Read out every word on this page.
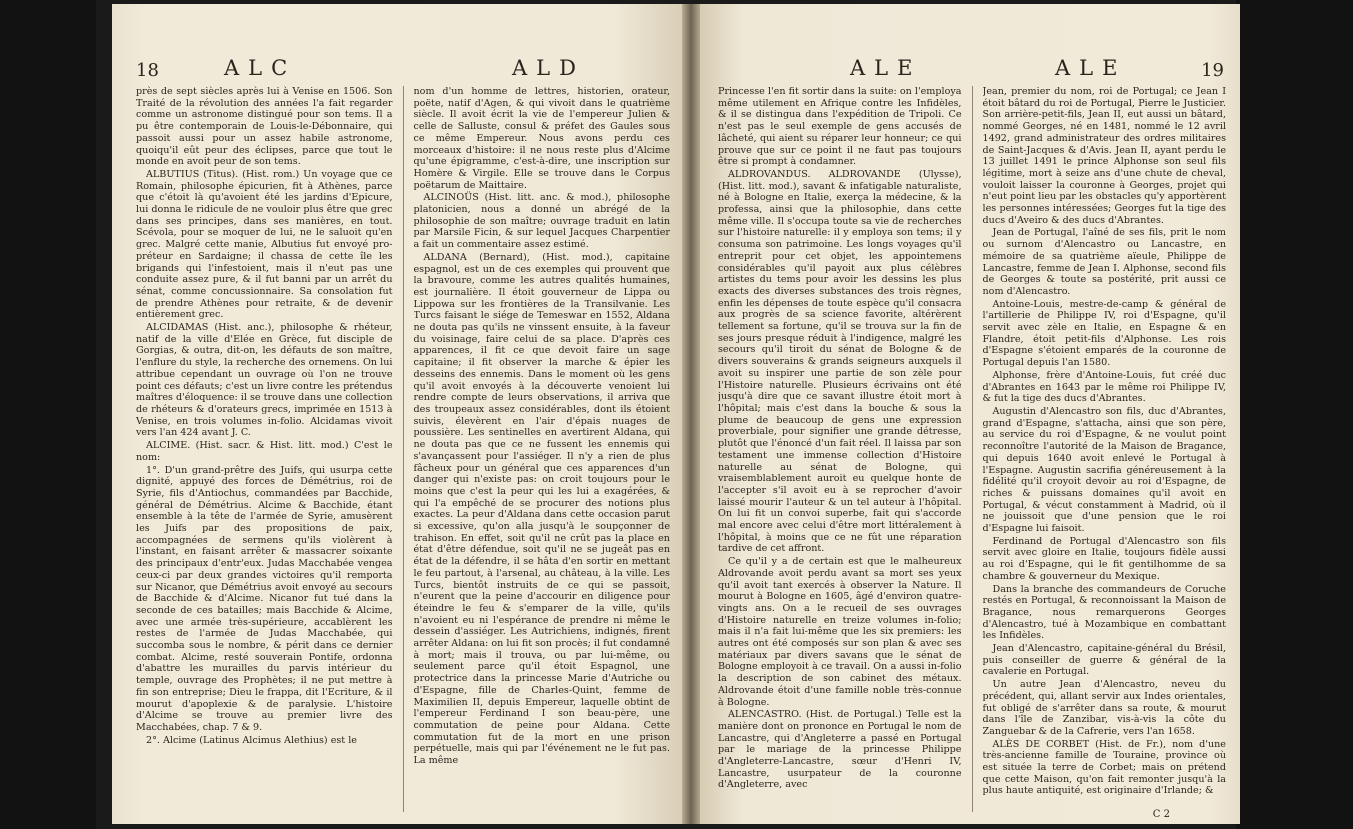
18	ALC	ALD

près de sept siècles après lui à Venise en 1506. Son Traité de la révolution des années l'a fait regarder comme un astronome distingué pour son tems. Il a pu être contemporain de Louis-le-Débonnaire, qui passoit aussi pour un assez habile astronome, quoiqu'il eût peur des éclipses, parce que tout le monde en avoit peur de son tems.

ALBUTIUS (Titus). (Hist. rom.) Un voyage que ce Romain, philosophe épicurien, fit à Athènes, parce que c'étoit là qu'avoient été les jardins d'Epicure, lui donna le ridicule de ne vouloir plus être que grec dans ses principes, dans ses manières, en tout. Scévola, pour se moquer de lui, ne le saluoit qu'en grec. Malgré cette manie, Albutius fut envoyé pro-préteur en Sardaigne; il chassa de cette île les brigands qui l'infestoient, mais il n'eut pas une conduite assez pure, & il fut banni par un arrêt du sénat, comme concussionnaire. Sa consolation fut de prendre Athènes pour retraite, & de devenir entièrement grec.

ALCIDAMAS (Hist. anc.), philosophe & rhéteur, natif de la ville d'Elée en Grèce, fut disciple de Gorgias, & outra, dit-on, les défauts de son maître, l'enflure du style, la recherche des ornemens. On lui attribue cependant un ouvrage où l'on ne trouve point ces défauts; c'est un livre contre les prétendus maîtres d'éloquence: il se trouve dans une collection de rhéteurs & d'orateurs grecs, imprimée en 1513 à Venise, en trois volumes in-folio. Alcidamas vivoit vers l'an 424 avant J. C.

ALCIME. (Hist. sacr. & Hist. litt. mod.) C'est le nom:

1°. D'un grand-prêtre des Juifs, qui usurpa cette dignité, appuyé des forces de Démétrius, roi de Syrie, fils d'Antiochus, commandées par Bacchide, général de Démétrius. Alcime & Bacchide, étant ensemble à la tête de l'armée de Syrie, amusèrent les Juifs par des propositions de paix, accompagnées de sermens qu'ils violèrent à l'instant, en faisant arrêter & massacrer soixante des principaux d'entr'eux. Judas Macchabée vengea ceux-ci par deux grandes victoires qu'il remporta sur Nicanor, que Démétrius avoit envoyé au secours de Bacchide & d'Alcime. Nicanor fut tué dans la seconde de ces batailles; mais Bacchide & Alcime, avec une armée très-supérieure, accablèrent les restes de l'armée de Judas Macchabée, qui succomba sous le nombre, & périt dans ce dernier combat. Alcime, resté souverain Pontife, ordonna d'abattre les murailles du parvis intérieur du temple, ouvrage des Prophètes; il ne put mettre à fin son entreprise; Dieu le frappa, dit l'Ecriture, & il mourut d'apoplexie & de paralysie. L'histoire d'Alcime se trouve au premier livre des Macchabées, chap. 7 & 9.

2°. Alcime (Latinus Alcimus Alethius) est le

nom d'un homme de lettres, historien, orateur, poëte, natif d'Agen, & qui vivoit dans le quatrième siècle. Il avoit écrit la vie de l'empereur Julien & celle de Salluste, consul & préfet des Gaules sous ce même Empereur. Nous avons perdu ces morceaux d'histoire: il ne nous reste plus d'Alcime qu'une épigramme, c'est-à-dire, une inscription sur Homère & Virgile. Elle se trouve dans le Corpus poëtarum de Maittaire.

ALCINOÜS (Hist. litt. anc. & mod.), philosophe platonicien, nous a donné un abrégé de la philosophie de son maître; ouvrage traduit en latin par Marsile Ficin, & sur lequel Jacques Charpentier a fait un commentaire assez estimé.

ALDANA (Bernard), (Hist. mod.), capitaine espagnol, est un de ces exemples qui prouvent que la bravoure, comme les autres qualités humaines, est journalière. Il étoit gouverneur de Lippa ou Lippowa sur les frontières de la Transilvanie. Les Turcs faisant le siége de Temeswar en 1552, Aldana ne douta pas qu'ils ne vinssent ensuite, à la faveur du voisinage, faire celui de sa place. D'après ces apparences, il fit ce que devoit faire un sage capitaine; il fit observer la marche & épier les desseins des ennemis. Dans le moment où les gens qu'il avoit envoyés à la découverte venoient lui rendre compte de leurs observations, il arriva que des troupeaux assez considérables, dont ils étoient suivis, élevèrent en l'air d'épais nuages de poussière. Les sentinelles en avertirent Aldana, qui ne douta pas que ce ne fussent les ennemis qui s'avançassent pour l'assiéger. Il n'y a rien de plus fâcheux pour un général que ces apparences d'un danger qui n'existe pas: on croit toujours pour le moins que c'est la peur qui les lui a exagérées, & qui l'a empêché de se procurer des notions plus exactes. La peur d'Aldana dans cette occasion parut si excessive, qu'on alla jusqu'à le soupçonner de trahison. En effet, soit qu'il ne crût pas la place en état d'être défendue, soit qu'il ne se jugeât pas en état de la défendre, il se hâta d'en sortir en mettant le feu partout, à l'arsenal, au château, à la ville. Les Turcs, bientôt instruits de ce qui se passoit, n'eurent que la peine d'accourir en diligence pour éteindre le feu & s'emparer de la ville, qu'ils n'avoient eu ni l'espérance de prendre ni même le dessein d'assiéger. Les Autrichiens, indignés, firent arrêter Aldana: on lui fit son procès; il fut condamné à mort; mais il trouva, ou par lui-même, ou seulement parce qu'il étoit Espagnol, une protectrice dans la princesse Marie d'Autriche ou d'Espagne, fille de Charles-Quint, femme de Maximilien II, depuis Empereur, laquelle obtint de l'empereur Ferdinand I son beau-père, une commutation de peine pour Aldana. Cette commutation fut de la mort en une prison perpétuelle, mais qui par l'événement ne le fut pas. La même

ALE	ALE	19

Princesse l'en fit sortir dans la suite: on l'employa même utilement en Afrique contre les Infidèles, & il se distingua dans l'expédition de Tripoli. Ce n'est pas le seul exemple de gens accusés de lâcheté, qui aient su réparer leur honneur; ce qui prouve que sur ce point il ne faut pas toujours être si prompt à condamner.

ALDROVANDUS. ALDROVANDE (Ulysse), (Hist. litt. mod.), savant & infatigable naturaliste, né à Bologne en Italie, exerça la médecine, & la professa, ainsi que la philosophie, dans cette même ville. Il s'occupa toute sa vie de recherches sur l'histoire naturelle: il y employa son tems; il y consuma son patrimoine. Les longs voyages qu'il entreprit pour cet objet, les appointemens considérables qu'il payoit aux plus célèbres artistes du tems pour avoir les dessins les plus exacts des diverses substances des trois règnes, enfin les dépenses de toute espèce qu'il consacra aux progrès de sa science favorite, altérèrent tellement sa fortune, qu'il se trouva sur la fin de ses jours presque réduit à l'indigence, malgré les secours qu'il tiroit du sénat de Bologne & de divers souverains & grands seigneurs auxquels il avoit su inspirer une partie de son zèle pour l'Histoire naturelle. Plusieurs écrivains ont été jusqu'à dire que ce savant illustre étoit mort à l'hôpital; mais c'est dans la bouche & sous la plume de beaucoup de gens une expression proverbiale, pour signifier une grande détresse, plutôt que l'énoncé d'un fait réel. Il laissa par son testament une immense collection d'Histoire naturelle au sénat de Bologne, qui vraisemblablement auroit eu quelque honte de l'accepter s'il avoit eu à se reprocher d'avoir laissé mourir l'auteur & un tel auteur à l'hôpital. On lui fit un convoi superbe, fait qui s'accorde mal encore avec celui d'être mort littéralement à l'hôpital, à moins que ce ne fût une réparation tardive de cet affront.

Ce qu'il y a de certain est que le malheureux Aldrovande avoit perdu avant sa mort ses yeux qu'il avoit tant exercés à observer la Nature. Il mourut à Bologne en 1605, âgé d'environ quatre-vingts ans. On a le recueil de ses ouvrages d'Histoire naturelle en treize volumes in-folio; mais il n'a fait lui-même que les six premiers: les autres ont été composés sur son plan & avec ses matériaux par divers savans que le sénat de Bologne employoit à ce travail. On a aussi in-folio la description de son cabinet des métaux. Aldrovande étoit d'une famille noble très-connue à Bologne.

ALENCASTRO. (Hist. de Portugal.) Telle est la manière dont on prononce en Portugal le nom de Lancastre, qui d'Angleterre a passé en Portugal par le mariage de la princesse Philippe d'Angleterre-Lancastre, sœur d'Henri IV, Lancastre, usurpateur de la couronne d'Angleterre, avec

Jean, premier du nom, roi de Portugal; ce Jean I étoit bâtard du roi de Portugal, Pierre le Justicier. Son arrière-petit-fils, Jean II, eut aussi un bâtard, nommé Georges, né en 1481, nommé le 12 avril 1492, grand administrateur des ordres militaires de Saint-Jacques & d'Avis. Jean II, ayant perdu le 13 juillet 1491 le prince Alphonse son seul fils légitime, mort à seize ans d'une chute de cheval, vouloit laisser la couronne à Georges, projet qui n'eut point lieu par les obstacles qu'y apportèrent les personnes intéressées; Georges fut la tige des ducs d'Aveiro & des ducs d'Abrantes.

Jean de Portugal, l'aîné de ses fils, prit le nom ou surnom d'Alencastro ou Lancastre, en mémoire de sa quatrième aïeule, Philippe de Lancastre, femme de Jean I. Alphonse, second fils de Georges & toute sa postérité, prit aussi ce nom d'Alencastro.

Antoine-Louis, mestre-de-camp & général de l'artillerie de Philippe IV, roi d'Espagne, qu'il servit avec zèle en Italie, en Espagne & en Flandre, étoit petit-fils d'Alphonse. Les rois d'Espagne s'étoient emparés de la couronne de Portugal depuis l'an 1580.

Alphonse, frère d'Antoine-Louis, fut créé duc d'Abrantes en 1643 par le même roi Philippe IV, & fut la tige des ducs d'Abrantes.

Augustin d'Alencastro son fils, duc d'Abrantes, grand d'Espagne, s'attacha, ainsi que son père, au service du roi d'Espagne, & ne voulut point reconnoître l'autorité de la Maison de Bragance, qui depuis 1640 avoit enlevé le Portugal à l'Espagne. Augustin sacrifia généreusement à la fidélité qu'il croyoit devoir au roi d'Espagne, de riches & puissans domaines qu'il avoit en Portugal, & vécut constamment à Madrid, où il ne jouissoit que d'une pension que le roi d'Espagne lui faisoit.

Ferdinand de Portugal d'Alencastro son fils servit avec gloire en Italie, toujours fidèle aussi au roi d'Espagne, qui le fit gentilhomme de sa chambre & gouverneur du Mexique.

Dans la branche des commandeurs de Coruche restés en Portugal, & reconnoissant la Maison de Bragance, nous remarquerons Georges d'Alencastro, tué à Mozambique en combattant les Infidèles.

Jean d'Alencastro, capitaine-général du Brésil, puis conseiller de guerre & général de la cavalerie en Portugal.

Un autre Jean d'Alencastro, neveu du précédent, qui, allant servir aux Indes orientales, fut obligé de s'arrêter dans sa route, & mourut dans l'île de Zanzibar, vis-à-vis la côte du Zanguebar & de la Cafrerie, vers l'an 1658.

ALÈS DE CORBET (Hist. de Fr.), nom d'une très-ancienne famille de Touraine, province où est située la terre de Corbet; mais on prétend que cette Maison, qu'on fait remonter jusqu'à la plus haute antiquité, est originaire d'Irlande; &

C 2
